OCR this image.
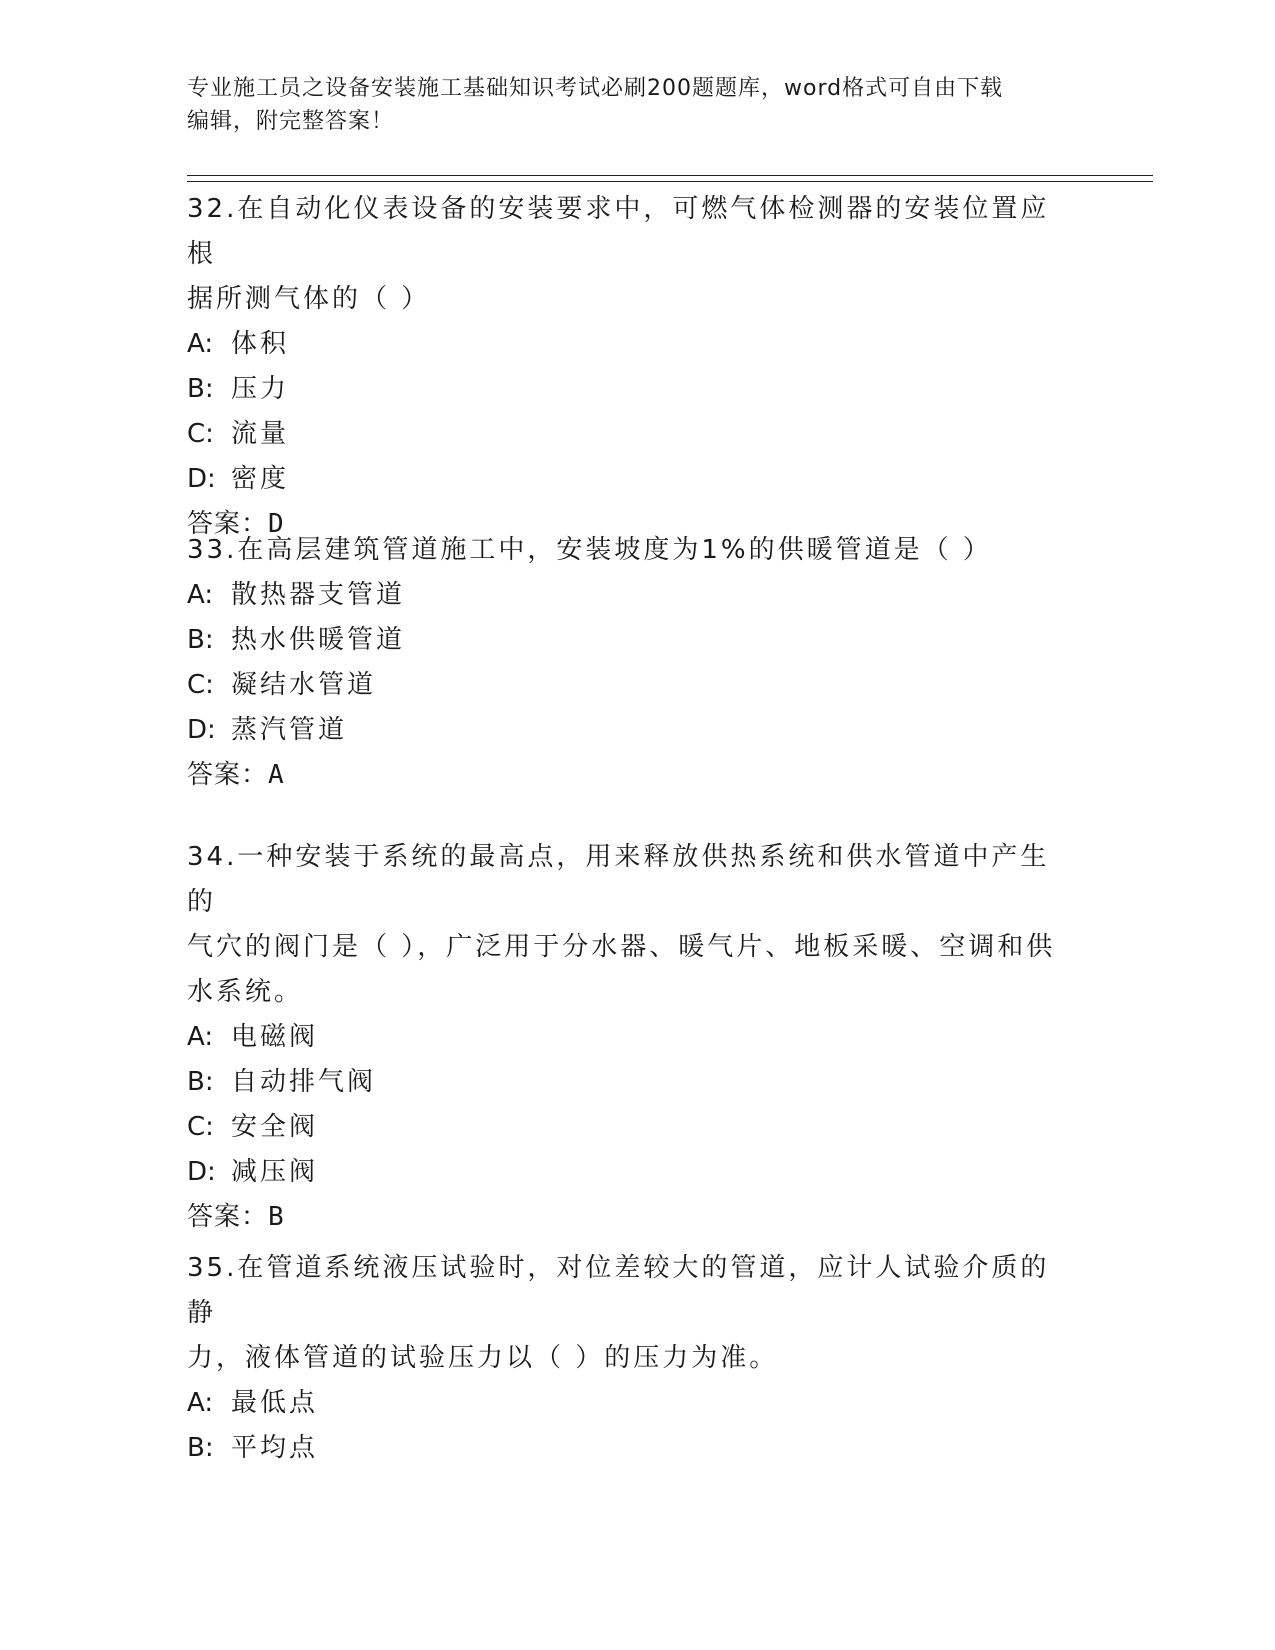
专业施工员之设备安装施工基础知识考试必刷200题题库，word格式可自由下载
编辑，附完整答案！
32.在自动化仪表设备的安装要求中，可燃气体检测器的安装位置应根
据所测气体的（ ）
A: 体积
B: 压力
C: 流量
D: 密度
答案：D
33.在高层建筑管道施工中，安装坡度为1%的供暖管道是（ ）
A: 散热器支管道
B: 热水供暖管道
C: 凝结水管道
D: 蒸汽管道
答案：A
34.一种安装于系统的最高点，用来释放供热系统和供水管道中产生的
气穴的阀门是（ ），广泛用于分水器、暖气片、地板采暖、空调和供
水系统。
A: 电磁阀
B: 自动排气阀
C: 安全阀
D: 减压阀
答案：B
35.在管道系统液压试验时，对位差较大的管道，应计人试验介质的静
力，液体管道的试验压力以（ ）的压力为准。
A: 最低点
B: 平均点
